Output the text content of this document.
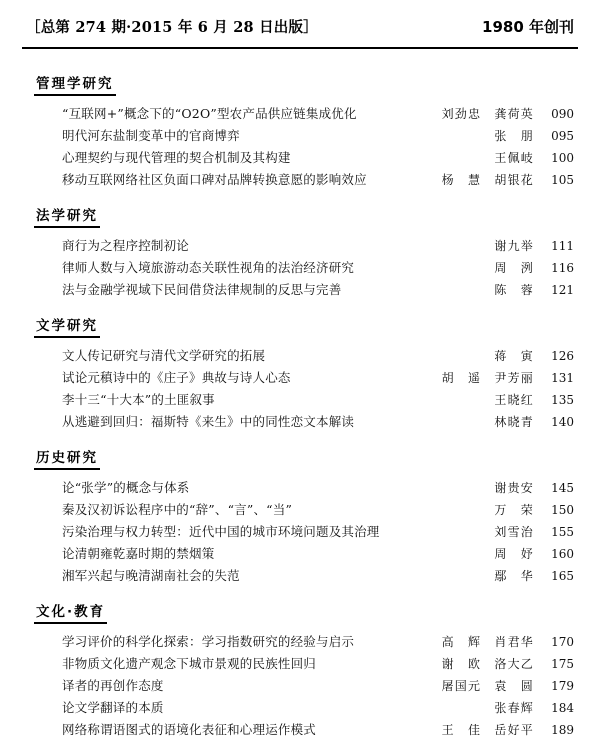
［总第 274 期·2015 年 6 月 28 日出版］	1980 年创刊
管理学研究
“互联网+”概念下的“O2O”型农产品供应链集成优化	刘劲忠　龚荷英	090
明代河东盐制变革中的官商博弈	张　朋	095
心理契约与现代管理的契合机制及其构建	王佩岐	100
移动互联网络社区负面口碑对品牌转换意愿的影响效应	杨　慧　胡银花	105
法学研究
商行为之程序控制初论	谢九举	111
律师人数与入境旅游动态关联性视角的法治经济研究	周　洌	116
法与金融学视域下民间借贷法律规制的反思与完善	陈　蓉	121
文学研究
文人传记研究与清代文学研究的拓展	蒋　寅	126
试论元稹诗中的《庄子》典故与诗人心态	胡　遥　尹芳丽	131
李十三“十大本”的土匪叙事	王晓红	135
从逃避到回归：福斯特《来生》中的同性恋文本解读	林晓青	140
历史研究
论“张学”的概念与体系	谢贵安	145
秦及汉初诉讼程序中的“辞”、“言”、“当”	万　荣	150
污染治理与权力转型：近代中国的城市环境问题及其治理	刘雪治	155
论清朝雍乾嘉时期的禁烟策	周　妤	160
湘军兴起与晚清湖南社会的失范	鄢　华	165
文化·教育
学习评价的科学化探索：学习指数研究的经验与启示	高　辉　肖君华	170
非物质文化遗产观念下城市景观的民族性回归	谢　欧　洛大乙	175
译者的再创作态度	屠国元　袁　圆	179
论文学翻译的本质	张春辉	184
网络称谓语图式的语境化表征和心理运作模式	王　佳　岳好平	189
